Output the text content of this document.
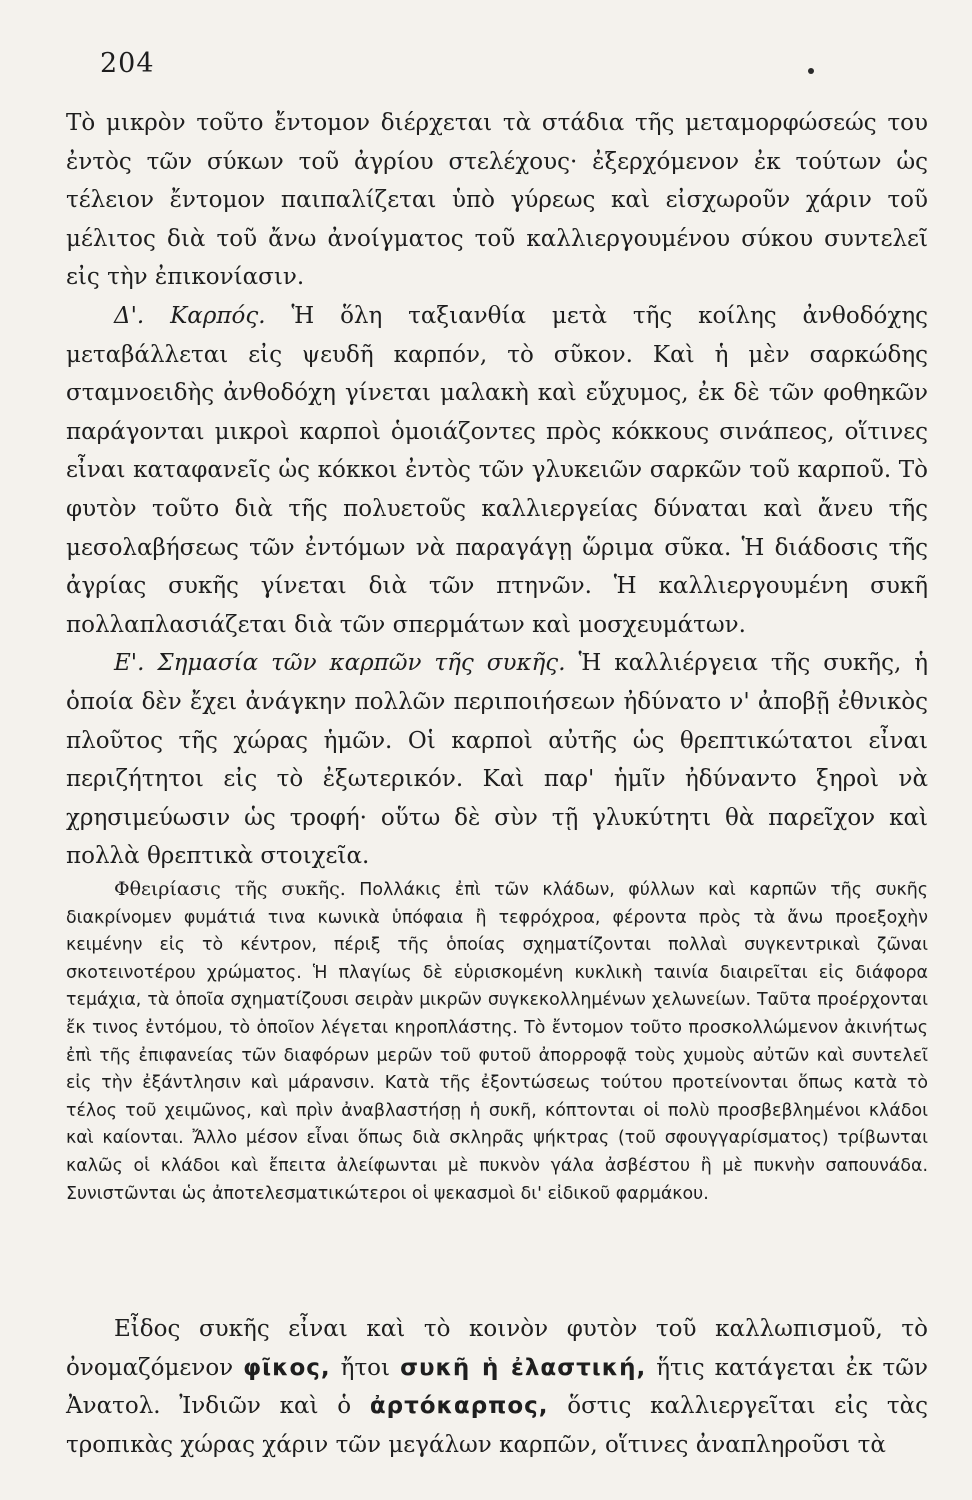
204

Τὸ μικρὸν τοῦτο ἔντομον διέρχεται τὰ στάδια τῆς μεταμορφώσεώς του ἐντὸς τῶν σύκων τοῦ ἀγρίου στελέχους· ἐξερχόμενον ἐκ τούτων ὡς τέλειον ἔντομον παιπαλίζεται ὑπὸ γύρεως καὶ εἰσχωροῦν χάριν τοῦ μέλιτος διὰ τοῦ ἄνω ἀνοίγματος τοῦ καλλιεργουμένου σύκου συντελεῖ εἰς τὴν ἐπικονίασιν.

Δ'. Καρπός. Ἡ ὅλη ταξιανθία μετὰ τῆς κοίλης ἀνθοδόχης μεταβάλλεται εἰς ψευδῆ καρπόν, τὸ σῦκον. Καὶ ἡ μὲν σαρκώδης σταμνοειδὴς ἀνθοδόχη γίνεται μαλακὴ καὶ εὔχυμος, ἐκ δὲ τῶν φοθηκῶν παράγονται μικροὶ καρποὶ ὁμοιάζοντες πρὸς κόκκους σινάπεος, οἵτινες εἶναι καταφανεῖς ὡς κόκκοι ἐντὸς τῶν γλυκειῶν σαρκῶν τοῦ καρποῦ. Τὸ φυτὸν τοῦτο διὰ τῆς πολυετοῦς καλλιεργείας δύναται καὶ ἄνευ τῆς μεσολαβήσεως τῶν ἐντόμων νὰ παραγάγῃ ὥριμα σῦκα. Ἡ διάδοσις τῆς ἀγρίας συκῆς γίνεται διὰ τῶν πτηνῶν. Ἡ καλλιεργουμένη συκῆ πολλαπλασιάζεται διὰ τῶν σπερμάτων καὶ μοσχευμάτων.

Ε'. Σημασία τῶν καρπῶν τῆς συκῆς. Ἡ καλλιέργεια τῆς συκῆς, ἡ ὁποία δὲν ἔχει ἀνάγκην πολλῶν περιποιήσεων ἠδύνατο ν' ἀποβῇ ἐθνικὸς πλοῦτος τῆς χώρας ἡμῶν. Οἱ καρποὶ αὐτῆς ὡς θρεπτικώτατοι εἶναι περιζήτητοι εἰς τὸ ἐξωτερικόν. Καὶ παρ' ἡμῖν ἠδύναντο ξηροὶ νὰ χρησιμεύωσιν ὡς τροφή· οὕτω δὲ σὺν τῇ γλυκύτητι θὰ παρεῖχον καὶ πολλὰ θρεπτικὰ στοιχεῖα.

Φθειρίασις τῆς συκῆς. Πολλάκις ἐπὶ τῶν κλάδων, φύλλων καὶ καρπῶν τῆς συκῆς διακρίνομεν φυμάτιά τινα κωνικὰ ὑπόφαια ἢ τεφρόχροα, φέροντα πρὸς τὰ ἄνω προεξοχὴν κειμένην εἰς τὸ κέντρον, πέριξ τῆς ὁποίας σχηματίζονται πολλαὶ συγκεντρικαὶ ζῶναι σκοτεινοτέρου χρώματος. Ἡ πλαγίως δὲ εὑρισκομένη κυκλικὴ ταινία διαιρεῖται εἰς διάφορα τεμάχια, τὰ ὁποῖα σχηματίζουσι σειρὰν μικρῶν συγκεκολλημένων χελωνείων. Ταῦτα προέρχονται ἔκ τινος ἐντόμου, τὸ ὁποῖον λέγεται κηροπλάστης. Τὸ ἔντομον τοῦτο προσκολλώμενον ἀκινήτως ἐπὶ τῆς ἐπιφανείας τῶν διαφόρων μερῶν τοῦ φυτοῦ ἀπορροφᾷ τοὺς χυμοὺς αὐτῶν καὶ συντελεῖ εἰς τὴν ἐξάντλησιν καὶ μάρανσιν. Κατὰ τῆς ἐξοντώσεως τούτου προτείνονται ὅπως κατὰ τὸ τέλος τοῦ χειμῶνος, καὶ πρὶν ἀναβλαστήσῃ ἡ συκῆ, κόπτονται οἱ πολὺ προσβεβλημένοι κλάδοι καὶ καίονται. Ἄλλο μέσον εἶναι ὅπως διὰ σκληρᾶς ψήκτρας (τοῦ σφουγγαρίσματος) τρίβωνται καλῶς οἱ κλάδοι καὶ ἔπειτα ἀλείφωνται μὲ πυκνὸν γάλα ἀσβέστου ἢ μὲ πυκνὴν σαπουνάδα. Συνιστῶνται ὡς ἀποτελεσματικώτεροι οἱ ψεκασμοὶ δι' εἰδικοῦ φαρμάκου.

Εἶδος συκῆς εἶναι καὶ τὸ κοινὸν φυτὸν τοῦ καλλωπισμοῦ, τὸ ὀνομαζόμενον φῖκος, ἤτοι συκῆ ἡ ἐλαστική, ἥτις κατάγεται ἐκ τῶν Ἀνατολ. Ἰνδιῶν καὶ ὁ ἀρτόκαρπος, ὅστις καλλιεργεῖται εἰς τὰς τροπικὰς χώρας χάριν τῶν μεγάλων καρπῶν, οἵτινες ἀναπληροῦσι τὰ
